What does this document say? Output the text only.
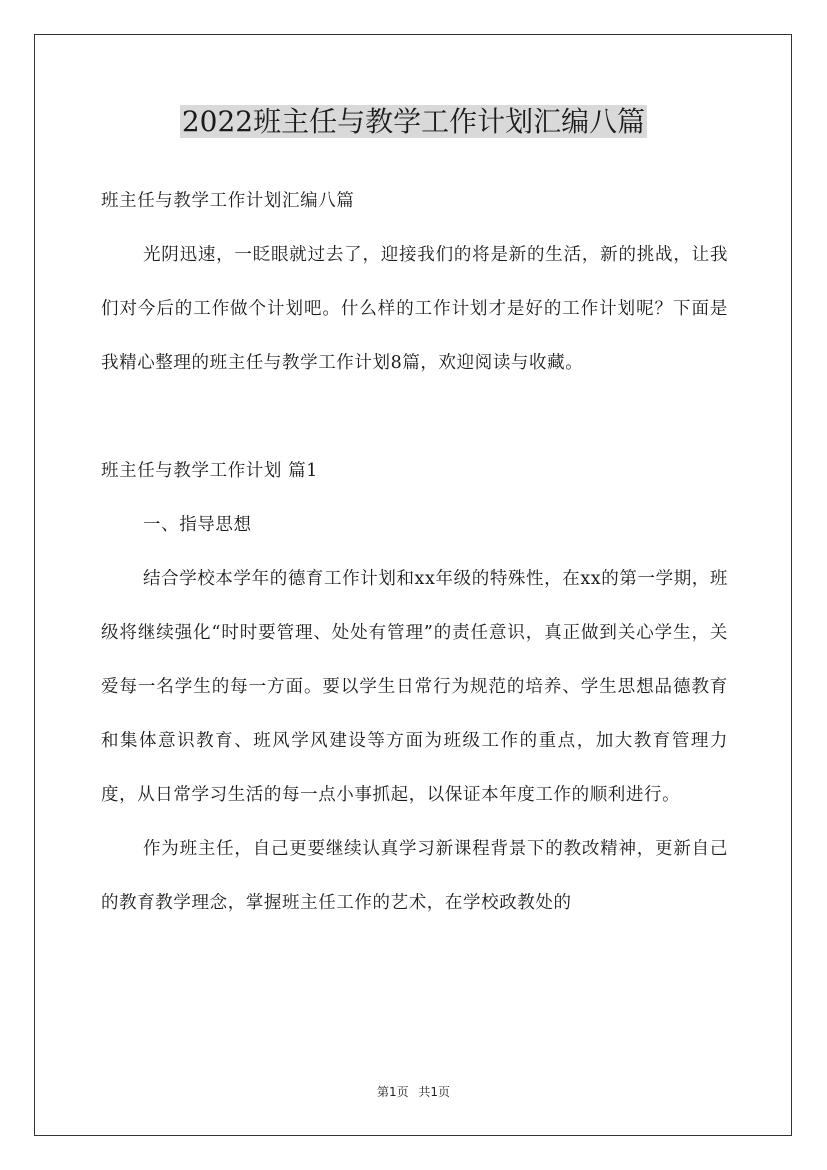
2022班主任与教学工作计划汇编八篇

班主任与教学工作计划汇编八篇

光阴迅速，一眨眼就过去了，迎接我们的将是新的生活，新的挑战，让我们对今后的工作做个计划吧。什么样的工作计划才是好的工作计划呢？下面是我精心整理的班主任与教学工作计划8篇，欢迎阅读与收藏。

班主任与教学工作计划 篇1

一、指导思想

结合学校本学年的德育工作计划和xx年级的特殊性，在xx的第一学期，班级将继续强化“时时要管理、处处有管理”的责任意识，真正做到关心学生，关爱每一名学生的每一方面。要以学生日常行为规范的培养、学生思想品德教育和集体意识教育、班风学风建设等方面为班级工作的重点，加大教育管理力度，从日常学习生活的每一点小事抓起，以保证本年度工作的顺利进行。

作为班主任，自己更要继续认真学习新课程背景下的教改精神，更新自己的教育教学理念，掌握班主任工作的艺术，在学校政教处的

第1页 共1页
